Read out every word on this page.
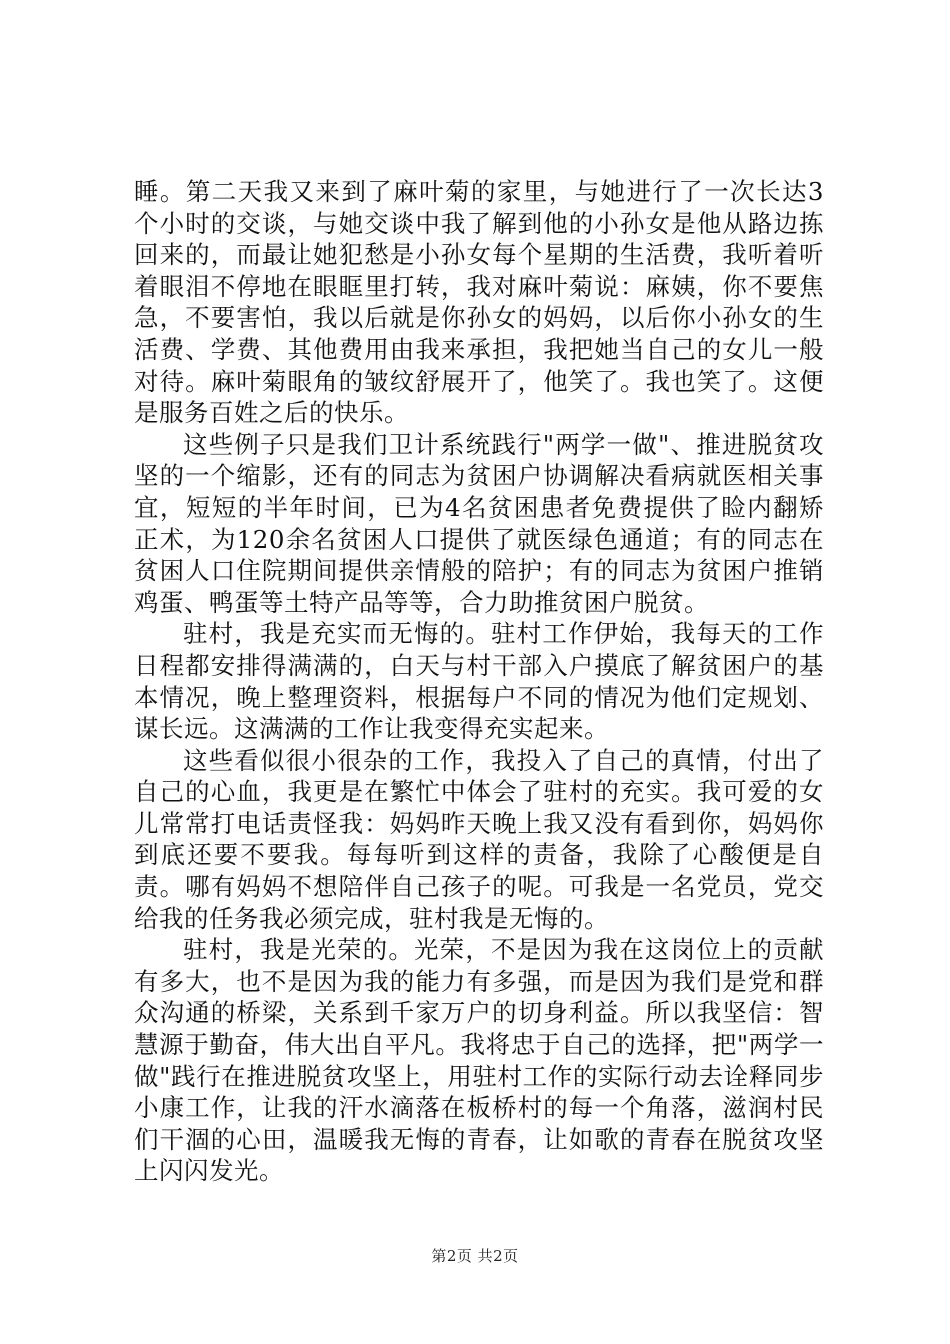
睡。第二天我又来到了麻叶菊的家里，与她进行了一次长达3个小时的交谈，与她交谈中我了解到他的小孙女是他从路边拣回来的，而最让她犯愁是小孙女每个星期的生活费，我听着听着眼泪不停地在眼眶里打转，我对麻叶菊说：麻姨，你不要焦急，不要害怕，我以后就是你孙女的妈妈，以后你小孙女的生活费、学费、其他费用由我来承担，我把她当自己的女儿一般对待。麻叶菊眼角的皱纹舒展开了，他笑了。我也笑了。这便是服务百姓之后的快乐。

这些例子只是我们卫计系统践行"两学一做"、推进脱贫攻坚的一个缩影，还有的同志为贫困户协调解决看病就医相关事宜，短短的半年时间，已为4名贫困患者免费提供了睑内翻矫正术，为120余名贫困人口提供了就医绿色通道；有的同志在贫困人口住院期间提供亲情般的陪护；有的同志为贫困户推销鸡蛋、鸭蛋等土特产品等等，合力助推贫困户脱贫。

驻村，我是充实而无悔的。驻村工作伊始，我每天的工作日程都安排得满满的，白天与村干部入户摸底了解贫困户的基本情况，晚上整理资料，根据每户不同的情况为他们定规划、谋长远。这满满的工作让我变得充实起来。

这些看似很小很杂的工作，我投入了自己的真情，付出了自己的心血，我更是在繁忙中体会了驻村的充实。我可爱的女儿常常打电话责怪我：妈妈昨天晚上我又没有看到你，妈妈你到底还要不要我。每每听到这样的责备，我除了心酸便是自责。哪有妈妈不想陪伴自己孩子的呢。可我是一名党员，党交给我的任务我必须完成，驻村我是无悔的。

驻村，我是光荣的。光荣，不是因为我在这岗位上的贡献有多大，也不是因为我的能力有多强，而是因为我们是党和群众沟通的桥梁，关系到千家万户的切身利益。所以我坚信：智慧源于勤奋，伟大出自平凡。我将忠于自己的选择，把"两学一做"践行在推进脱贫攻坚上，用驻村工作的实际行动去诠释同步小康工作，让我的汗水滴落在板桥村的每一个角落，滋润村民们干涸的心田，温暖我无悔的青春，让如歌的青春在脱贫攻坚上闪闪发光。

第2页 共2页
